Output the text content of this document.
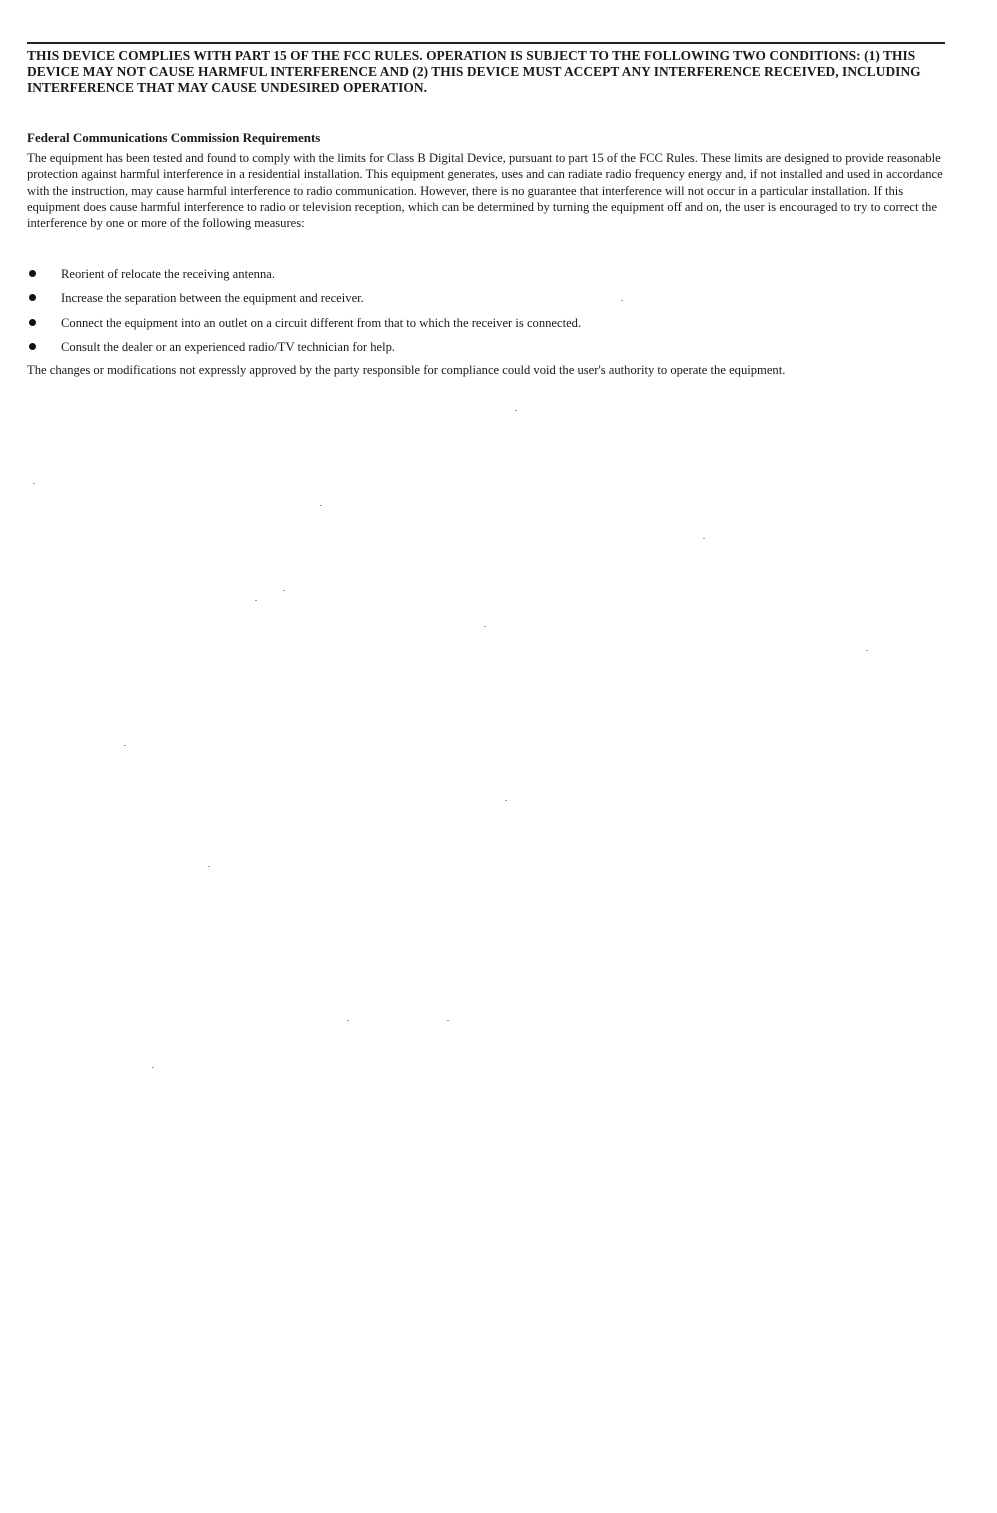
THIS DEVICE COMPLIES WITH PART 15 OF THE FCC RULES. OPERATION IS SUBJECT TO THE FOLLOWING TWO CONDITIONS: (1) THIS DEVICE MAY NOT CAUSE HARMFUL INTERFERENCE AND (2) THIS DEVICE MUST ACCEPT ANY INTERFERENCE RECEIVED, INCLUDING INTERFERENCE THAT MAY CAUSE UNDESIRED OPERATION.

Federal Communications Commission Requirements

The equipment has been tested and found to comply with the limits for Class B Digital Device, pursuant to part 15 of the FCC Rules. These limits are designed to provide reasonable protection against harmful interference in a residential installation. This equipment generates, uses and can radiate radio frequency energy and, if not installed and used in accordance with the instruction, may cause harmful interference to radio communication. However, there is no guarantee that interference will not occur in a particular installation. If this equipment does cause harmful interference to radio or television reception, which can be determined by turning the equipment off and on, the user is encouraged to try to correct the interference by one or more of the following measures:

Reorient of relocate the receiving antenna.
Increase the separation between the equipment and receiver.
Connect the equipment into an outlet on a circuit different from that to which the receiver is connected.
Consult the dealer or an experienced radio/TV technician for help.

The changes or modifications not expressly approved by the party responsible for compliance could void the user's authority to operate the equipment.
